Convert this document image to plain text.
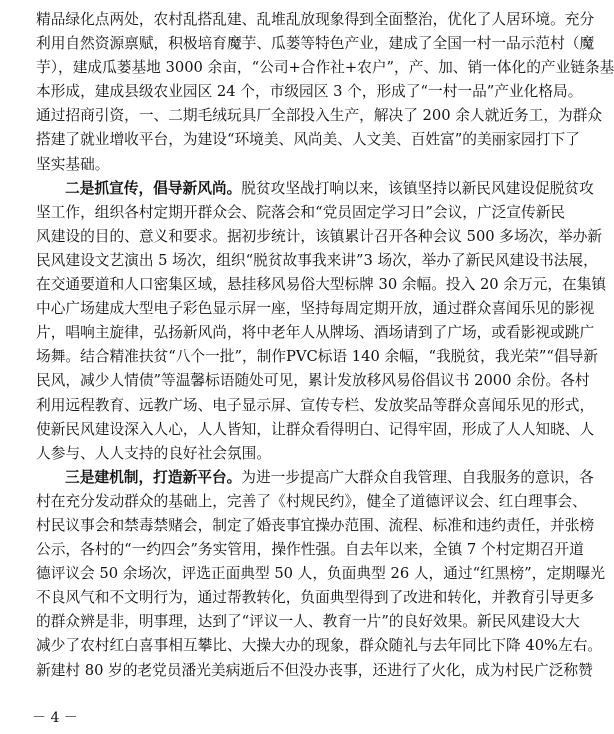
精品绿化点两处，农村乱搭乱建、乱堆乱放现象得到全面整治，优化了人居环境。充分
利用自然资源禀赋，积极培育魔芋、瓜蒌等特色产业，建成了全国一村一品示范村（魔
芋），建成瓜蒌基地 3000 余亩，“公司+合作社+农户”，产、加、销一体化的产业链条基
本形成，建成县级农业园区 24 个，市级园区 3 个，形成了“一村一品”产业化格局。
通过招商引资，一、二期毛绒玩具厂全部投入生产，解决了 200 余人就近务工，为群众
搭建了就业增收平台，为建设“环境美、风尚美、人文美、百姓富”的美丽家园打下了
坚实基础。
二是抓宣传，倡导新风尚。脱贫攻坚战打响以来，该镇坚持以新民风建设促脱贫攻
坚工作，组织各村定期开群众会、院落会和“党员固定学习日”会议，广泛宣传新民
风建设的目的、意义和要求。据初步统计，该镇累计召开各种会议 500 多场次，举办新
民风建设文艺演出 5 场次，组织“脱贫故事我来讲”3 场次，举办了新民风建设书法展，
在交通要道和人口密集区域，悬挂移风易俗大型标牌 30 余幅。投入 20 余万元，在集镇
中心广场建成大型电子彩色显示屏一座，坚持每周定期开放，通过群众喜闻乐见的影视
片，唱响主旋律，弘扬新风尚，将中老年人从牌场、酒场请到了广场，或看影视或跳广
场舞。结合精准扶贫“八个一批”，制作PVC标语 140 余幅，“我脱贫，我光荣”“倡导新
民风，减少人情债”等温馨标语随处可见，累计发放移风易俗倡议书 2000 余份。各村
利用远程教育、远教广场、电子显示屏、宣传专栏、发放奖品等群众喜闻乐见的形式，
使新民风建设深入人心，人人皆知，让群众看得明白、记得牢固，形成了人人知晓、人
人参与、人人支持的良好社会氛围。
三是建机制，打造新平台。为进一步提高广大群众自我管理、自我服务的意识，各
村在充分发动群众的基础上，完善了《村规民约》，健全了道德评议会、红白理事会、
村民议事会和禁毒禁赌会，制定了婚丧事宜操办范围、流程、标准和违约责任，并张榜
公示，各村的“一约四会”务实管用，操作性强。自去年以来，全镇 7 个村定期召开道
德评议会 50 余场次，评选正面典型 50 人，负面典型 26 人，通过“红黑榜”，定期曝光
不良风气和不文明行为，通过帮教转化，负面典型得到了改进和转化，并教育引导更多
的群众辨是非，明事理，达到了“评议一人、教育一片”的良好效果。新民风建设大大
减少了农村红白喜事相互攀比、大操大办的现象，群众随礼与去年同比下降 40%左右。
新建村 80 岁的老党员潘光美病逝后不但没办丧事，还进行了火化，成为村民广泛称赞
－ 4 －
